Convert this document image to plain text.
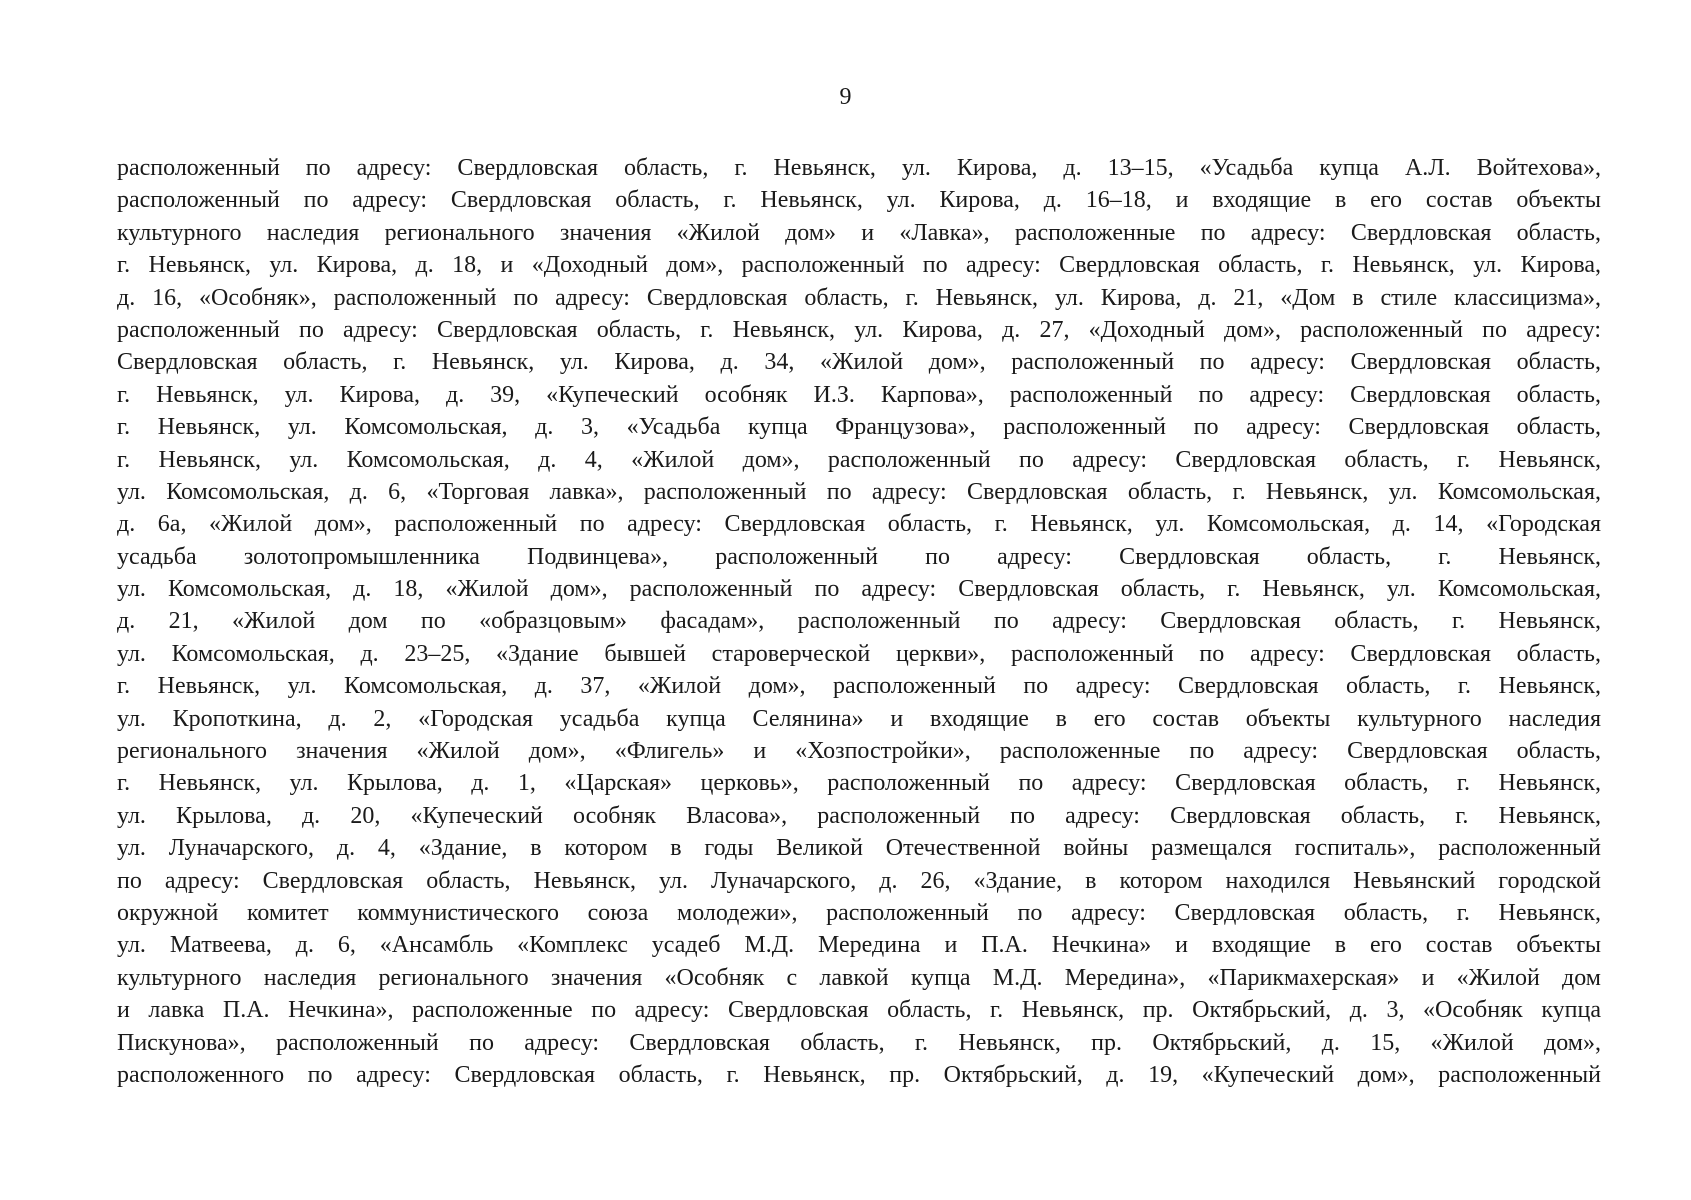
9
расположенный по адресу: Свердловская область, г. Невьянск, ул. Кирова, д. 13–15, «Усадьба купца А.Л. Войтехова»,
расположенный по адресу: Свердловская область, г. Невьянск, ул. Кирова, д. 16–18, и входящие в его состав объекты
культурного наследия регионального значения «Жилой дом» и «Лавка», расположенные по адресу: Свердловская область,
г. Невьянск, ул. Кирова, д. 18, и «Доходный дом», расположенный по адресу: Свердловская область, г. Невьянск, ул. Кирова,
д. 16, «Особняк», расположенный по адресу: Свердловская область, г. Невьянск, ул. Кирова, д. 21, «Дом в стиле классицизма»,
расположенный по адресу: Свердловская область, г. Невьянск, ул. Кирова, д. 27, «Доходный дом», расположенный по адресу:
Свердловская область, г. Невьянск, ул. Кирова, д. 34, «Жилой дом», расположенный по адресу: Свердловская область,
г. Невьянск, ул. Кирова, д. 39, «Купеческий особняк И.З. Карпова», расположенный по адресу: Свердловская область,
г. Невьянск, ул. Комсомольская, д. 3, «Усадьба купца Французова», расположенный по адресу: Свердловская область,
г. Невьянск, ул. Комсомольская, д. 4, «Жилой дом», расположенный по адресу: Свердловская область, г. Невьянск,
ул. Комсомольская, д. 6, «Торговая лавка», расположенный по адресу: Свердловская область, г. Невьянск, ул. Комсомольская,
д. 6а, «Жилой дом», расположенный по адресу: Свердловская область, г. Невьянск, ул. Комсомольская, д. 14, «Городская
усадьба золотопромышленника Подвинцева», расположенный по адресу: Свердловская область, г. Невьянск,
ул. Комсомольская, д. 18, «Жилой дом», расположенный по адресу: Свердловская область, г. Невьянск, ул. Комсомольская,
д. 21, «Жилой дом по «образцовым» фасадам», расположенный по адресу: Свердловская область, г. Невьянск,
ул. Комсомольская, д. 23–25, «Здание бывшей староверческой церкви», расположенный по адресу: Свердловская область,
г. Невьянск, ул. Комсомольская, д. 37, «Жилой дом», расположенный по адресу: Свердловская область, г. Невьянск,
ул. Кропоткина, д. 2, «Городская усадьба купца Селянина» и входящие в его состав объекты культурного наследия
регионального значения «Жилой дом», «Флигель» и «Хозпостройки», расположенные по адресу: Свердловская область,
г. Невьянск, ул. Крылова, д. 1, «Царская» церковь», расположенный по адресу: Свердловская область, г. Невьянск,
ул. Крылова, д. 20, «Купеческий особняк Власова», расположенный по адресу: Свердловская область, г. Невьянск,
ул. Луначарского, д. 4, «Здание, в котором в годы Великой Отечественной войны размещался госпиталь», расположенный
по адресу: Свердловская область, Невьянск, ул. Луначарского, д. 26, «Здание, в котором находился Невьянский городской
окружной комитет коммунистического союза молодежи», расположенный по адресу: Свердловская область, г. Невьянск,
ул. Матвеева, д. 6, «Ансамбль «Комплекс усадеб М.Д. Мередина и П.А. Нечкина» и входящие в его состав объекты
культурного наследия регионального значения «Особняк с лавкой купца М.Д. Мередина», «Парикмахерская» и «Жилой дом
и лавка П.А. Нечкина», расположенные по адресу: Свердловская область, г. Невьянск, пр. Октябрьский, д. 3, «Особняк купца
Пискунова», расположенный по адресу: Свердловская область, г. Невьянск, пр. Октябрьский, д. 15, «Жилой дом»,
расположенного по адресу: Свердловская область, г. Невьянск, пр. Октябрьский, д. 19, «Купеческий дом», расположенный
